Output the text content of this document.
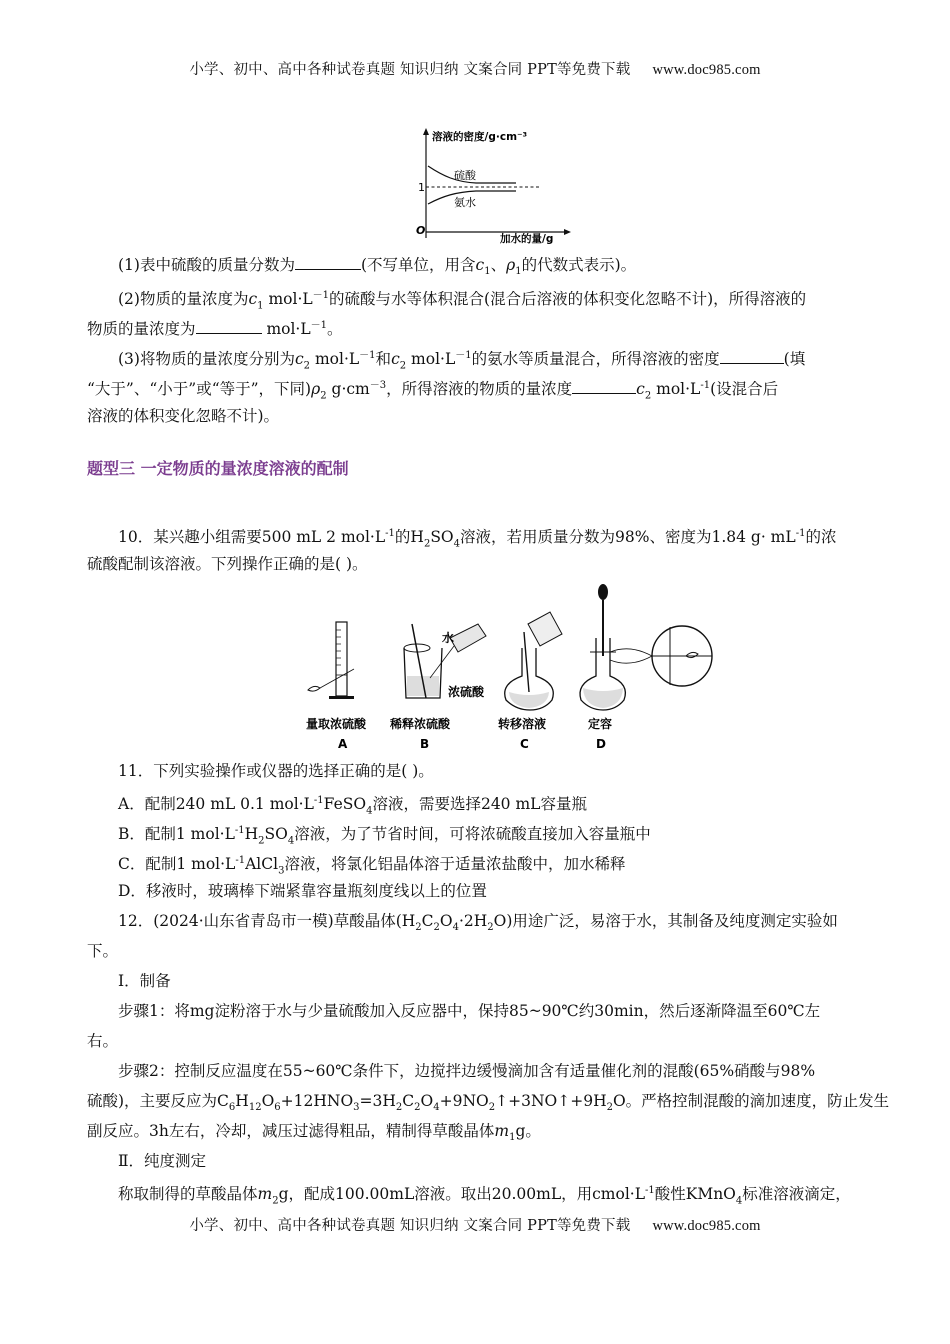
小学、初中、高中各种试卷真题 知识归纳 文案合同 PPT等免费下载 www.doc985.com
溶液的密度/g·cm⁻³
加水的量/g
O
1
硫酸
氨水
(1)表中硫酸的质量分数为	(不写单位，用含$c_1$、$\rho_1$的代数式表示)。
(2)物质的量浓度为$c_1$ $mol\cdot L^{-1}$的硫酸与水等体积混合(混合后溶液的体积变化忽略不计)，所得溶液的
物质的量浓度为	$mol\cdot L^{-1}$。
(3)将物质的量浓度分别为$c_2$ $mol\cdot L^{-1}$和$c_2$ $mol\cdot L^{-1}$的氨水等质量混合，所得溶液的密度	(填
“大于”、“小于”或“等于”，下同)$\rho_2$ $g\cdot cm^{-3}$，所得溶液的物质的量浓度	$c_2$ $mol\cdot L^{-1}$(设混合后
溶液的体积变化忽略不计)。
题型三 一定物质的量浓度溶液的配制
10．某兴趣小组需要500 mL 2 $mol\cdot L^{-1}$的$H_2SO_4$溶液，若用质量分数为98%、密度为1.84 $g\cdot mL^{-1}$的浓
硫酸配制该溶液。下列操作正确的是( )。
水
浓硫酸
量取浓硫酸 稀释浓硫酸	转移溶液	定容
A	B	C	D
11．下列实验操作或仪器的选择正确的是( )。
A．配制240 mL 0.1 $mol\cdot L^{-1}FeSO_4$溶液，需要选择240 mL容量瓶
B．配制1 $mol\cdot L^{-1}H_2SO_4$溶液，为了节省时间，可将浓硫酸直接加入容量瓶中
C．配制1 $mol\cdot L^{-1}AlCl_3$溶液，将氯化铝晶体溶于适量浓盐酸中，加水稀释
D．移液时，玻璃棒下端紧靠容量瓶刻度线以上的位置
12．(2024·山东省青岛市一模)草酸晶体$(H_2C_2O_4\cdot 2H_2O)$用途广泛，易溶于水，其制备及纯度测定实验如
下。
Ⅰ．制备
步骤1：将mg淀粉溶于水与少量硫酸加入反应器中，保持85~90℃约30min，然后逐渐降温至60℃左
右。
步骤2：控制反应温度在55~60℃条件下，边搅拌边缓慢滴加含有适量催化剂的混酸(65%硝酸与98%
硫酸)，主要反应为$C_6H_{12}O_6+12HNO_3=3H_2C_2O_4+9NO_2↑+3NO↑+9H_2O$。严格控制混酸的滴加速度，防止发生
副反应。3h左右，冷却，减压过滤得粗品，精制得草酸晶体$m_1g$。
Ⅱ．纯度测定
称取制得的草酸晶体$m_2g$，配成100.00mL溶液。取出20.00mL，用$cmol\cdot L^{-1}$酸性KMnO$_4$标准溶液滴定，
小学、初中、高中各种试卷真题 知识归纳 文案合同 PPT等免费下载 www.doc985.com
